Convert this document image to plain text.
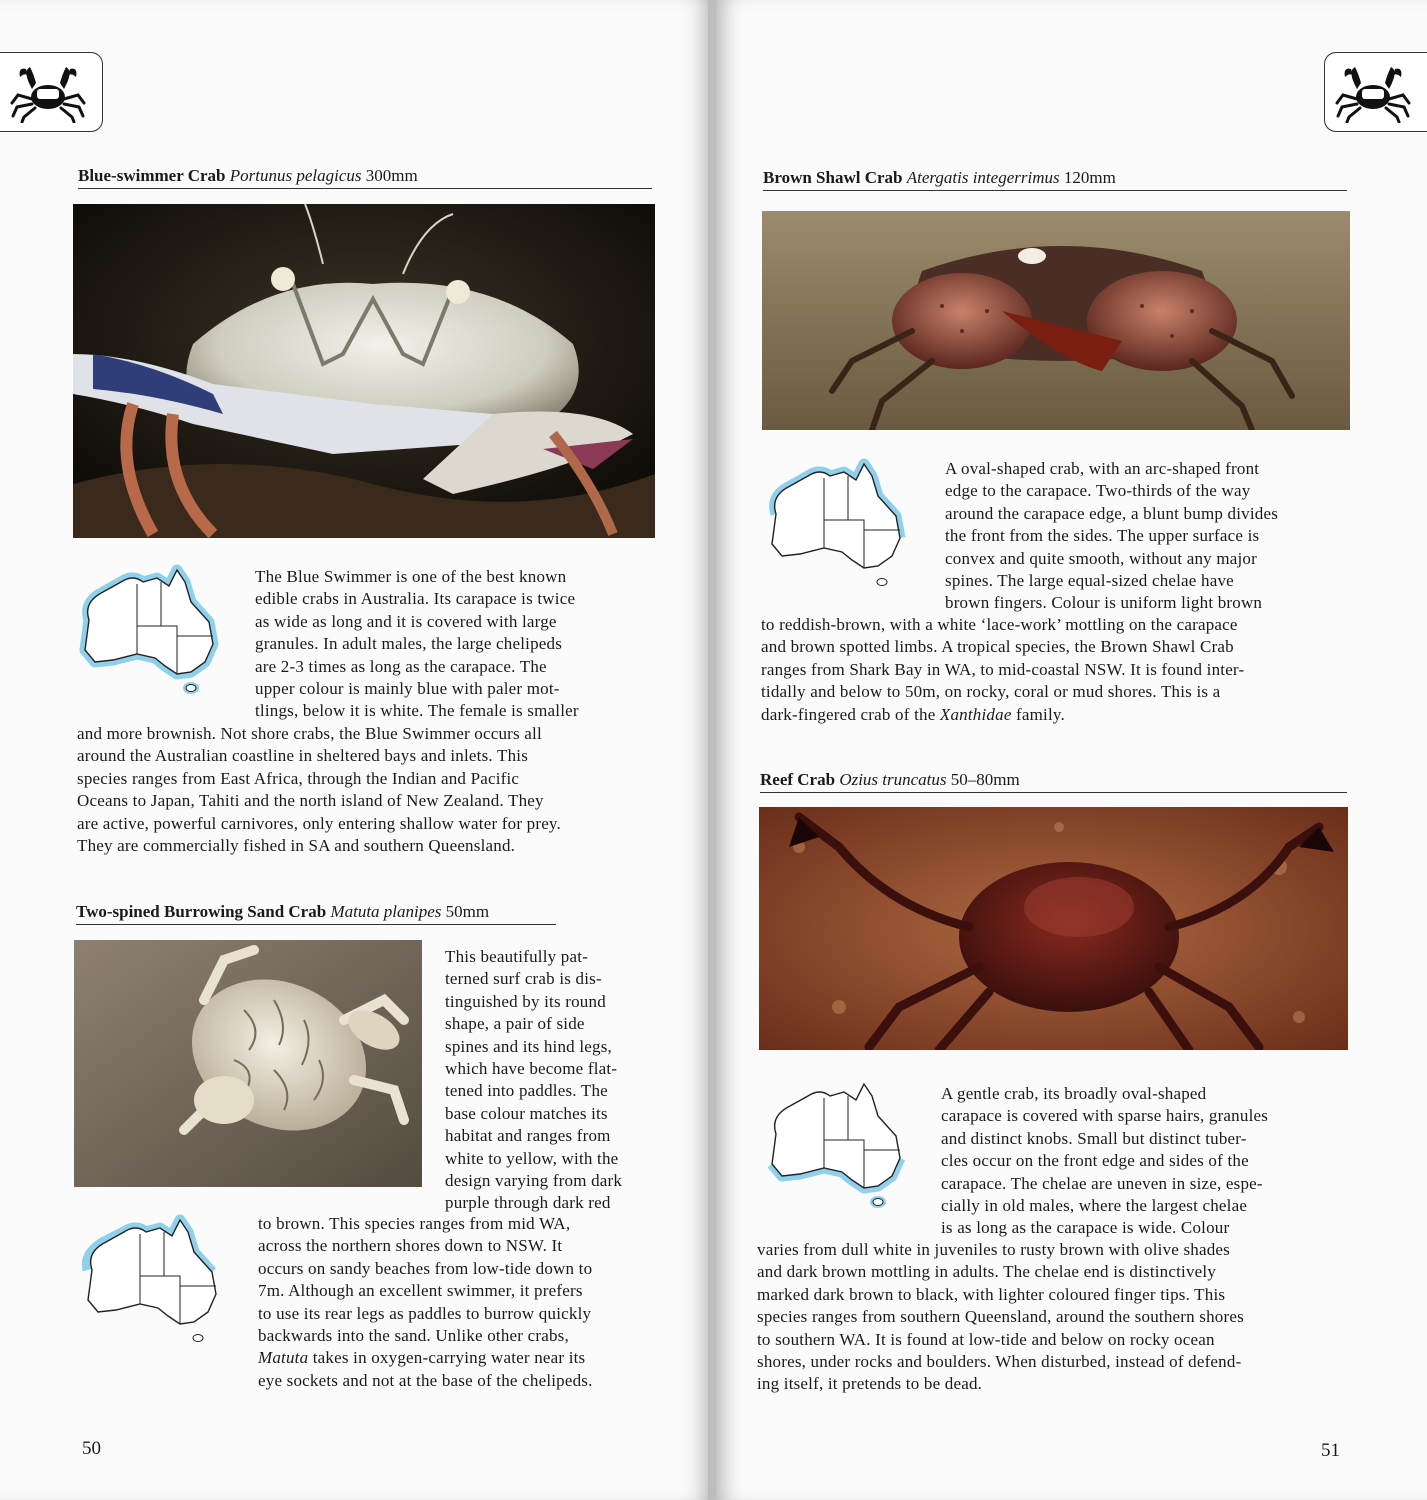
Blue-swimmer Crab Portunus pelagicus 300mm

The Blue Swimmer is one of the best known

edible crabs in Australia. Its carapace is twice

as wide as long and it is covered with large

granules. In adult males, the large chelipeds

are 2-3 times as long as the carapace. The

upper colour is mainly blue with paler mot-

tlings, below it is white. The female is smaller

and more brownish. Not shore crabs, the Blue Swimmer occurs all

around the Australian coastline in sheltered bays and inlets. This

species ranges from East Africa, through the Indian and Pacific

Oceans to Japan, Tahiti and the north island of New Zealand. They

are active, powerful carnivores, only entering shallow water for prey.

They are commercially fished in SA and southern Queensland.

Two-spined Burrowing Sand Crab Matuta planipes 50mm

This beautifully pat-

terned surf crab is dis-

tinguished by its round

shape, a pair of side

spines and its hind legs,

which have become flat-

tened into paddles. The

base colour matches its

habitat and ranges from

white to yellow, with the

design varying from dark

purple through dark red

to brown. This species ranges from mid WA,

across the northern shores down to NSW. It

occurs on sandy beaches from low-tide down to

7m. Although an excellent swimmer, it prefers

to use its rear legs as paddles to burrow quickly

backwards into the sand. Unlike other crabs,

Matuta takes in oxygen-carrying water near its

eye sockets and not at the base of the chelipeds.

50
Brown Shawl Crab Atergatis integerrimus 120mm

A oval-shaped crab, with an arc-shaped front

edge to the carapace. Two-thirds of the way

around the carapace edge, a blunt bump divides

the front from the sides. The upper surface is

convex and quite smooth, without any major

spines. The large equal-sized chelae have

brown fingers. Colour is uniform light brown

to reddish-brown, with a white ‘lace-work’ mottling on the carapace

and brown spotted limbs. A tropical species, the Brown Shawl Crab

ranges from Shark Bay in WA, to mid-coastal NSW. It is found inter-

tidally and below to 50m, on rocky, coral or mud shores. This is a

dark-fingered crab of the Xanthidae family.

Reef Crab Ozius truncatus 50–80mm

A gentle crab, its broadly oval-shaped

carapace is covered with sparse hairs, granules

and distinct knobs. Small but distinct tuber-

cles occur on the front edge and sides of the

carapace. The chelae are uneven in size, espe-

cially in old males, where the largest chelae

is as long as the carapace is wide. Colour

varies from dull white in juveniles to rusty brown with olive shades

and dark brown mottling in adults. The chelae end is distinctively

marked dark brown to black, with lighter coloured finger tips. This

species ranges from southern Queensland, around the southern shores

to southern WA. It is found at low-tide and below on rocky ocean

shores, under rocks and boulders. When disturbed, instead of defend-

ing itself, it pretends to be dead.

51
